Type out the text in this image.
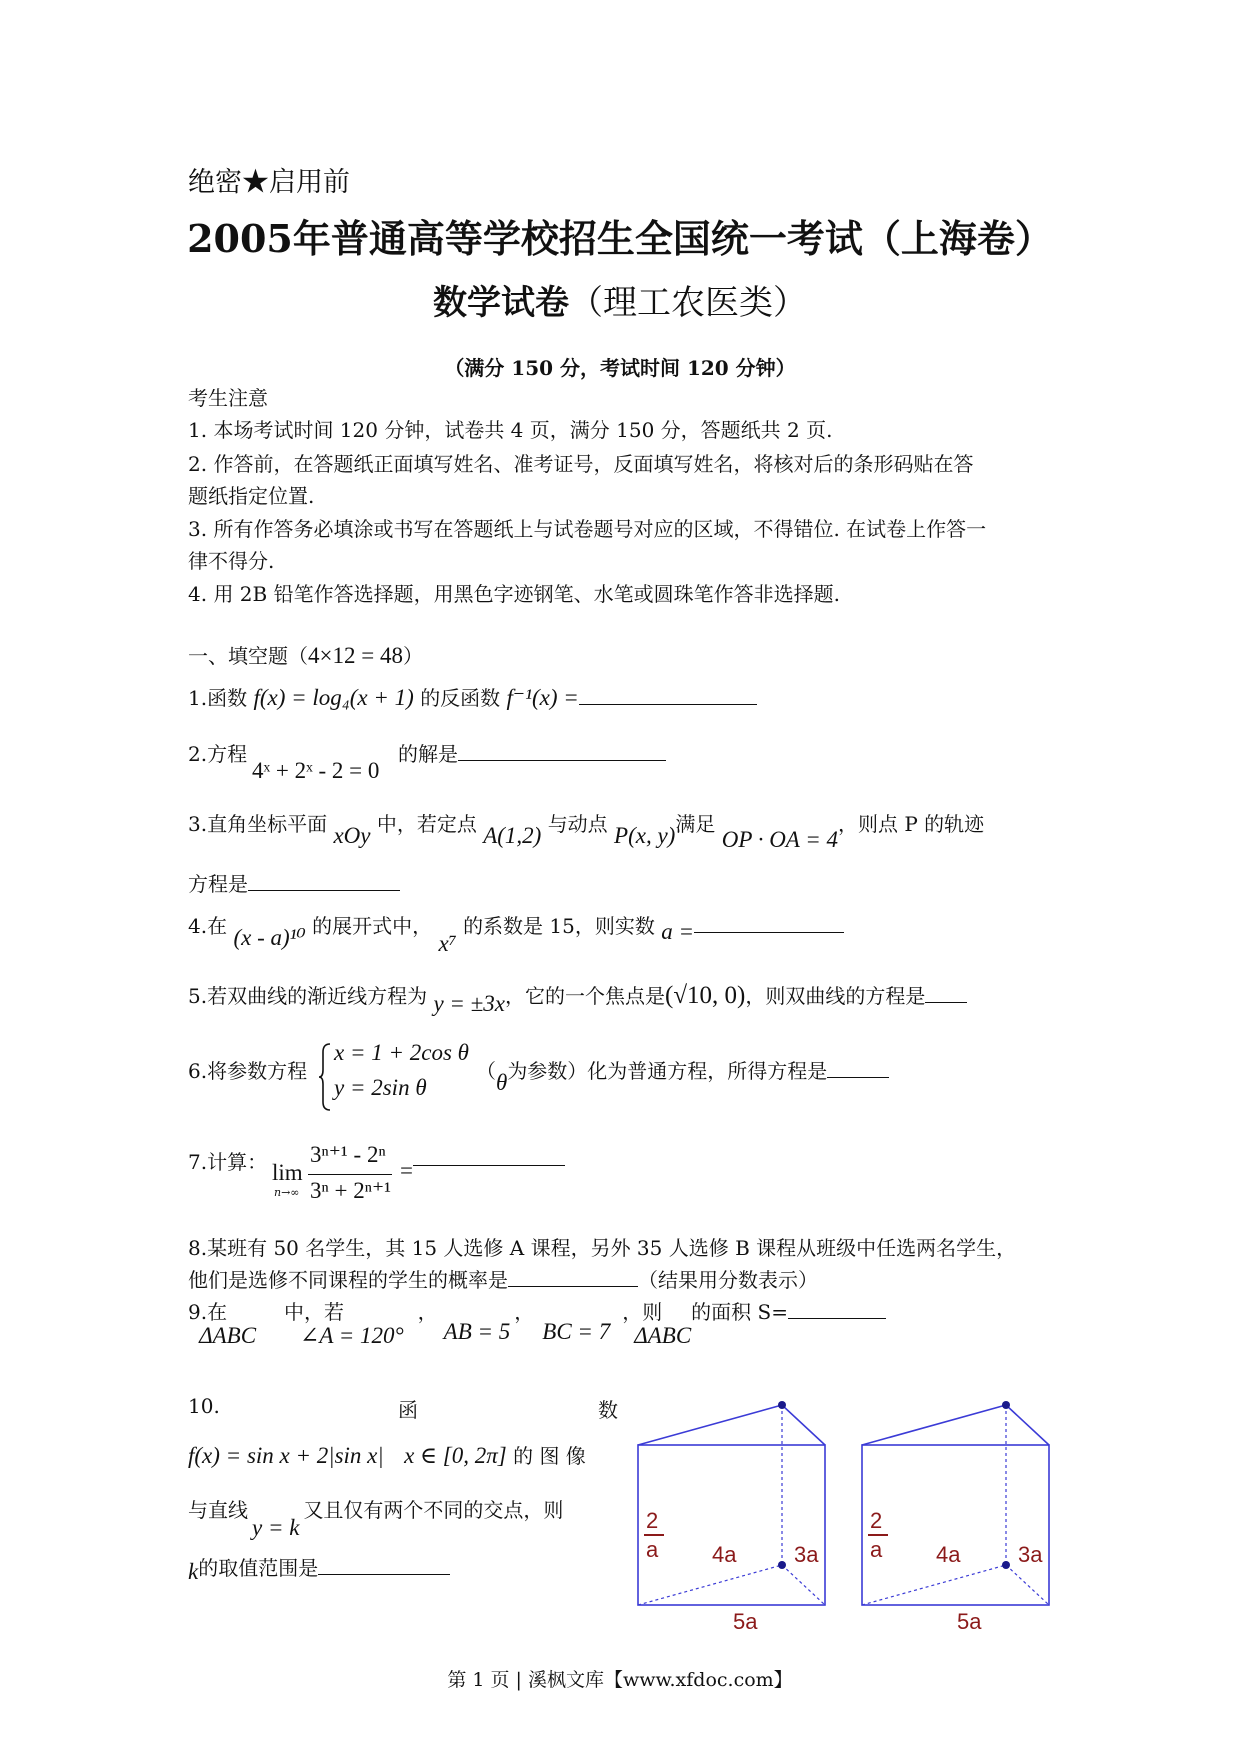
绝密★启用前
2005年普通高等学校招生全国统一考试（上海卷）
数学试卷（理工农医类）
（满分 150 分，考试时间 120 分钟）
考生注意
1. 本场考试时间 120 分钟，试卷共 4 页，满分 150 分，答题纸共 2 页.
2. 作答前，在答题纸正面填写姓名、准考证号，反面填写姓名，将核对后的条形码贴在答
题纸指定位置.
3. 所有作答务必填涂或书写在答题纸上与试卷题号对应的区域，不得错位. 在试卷上作答一
律不得分.
4. 用 2B 铅笔作答选择题，用黑色字迹钢笔、水笔或圆珠笔作答非选择题.
一、填空题（4×12 = 48）
1.函数 f(x) = log₄(x + 1) 的反函数 f⁻¹(x) =
2.方程
4ˣ + 2ˣ - 2 = 0
的解是
3.直角坐标平面 xOy 中，若定点 A(1,2) 与动点 P(x, y)满足 OP · OA = 4，则点 P 的轨迹
方程是
4.在 (x - a)¹⁰ 的展开式中， x⁷ 的系数是 15，则实数 a =
5.若双曲线的渐近线方程为 y = ±3x，它的一个焦点是(√10, 0)，则双曲线的方程是
6.将参数方程
x = 1 + 2cos θ
y = 2sin θ
（θ为参数）化为普通方程，所得方程是
7.计算： lim
n→∞
3ⁿ⁺¹ - 2ⁿ
3ⁿ + 2ⁿ⁺¹
=
8.某班有 50 名学生，其 15 人选修 A 课程，另外 35 人选修 B 课程从班级中任选两名学生，
他们是选修不同课程的学生的概率是	（结果用分数表示）
9.在ΔABC中，若∠A = 120°，AB = 5，BC = 7，则ΔABC的面积 S=
10.	函	数
f(x) = sin x + 2|sin x| x ∈ [0, 2π] 的 图 像
与直线y = k又且仅有两个不同的交点，则
k的取值范围是
2
a 4a	3a
5a
2
a 4a	3a
5a
第 1 页 | 溪枫文库【www.xfdoc.com】
